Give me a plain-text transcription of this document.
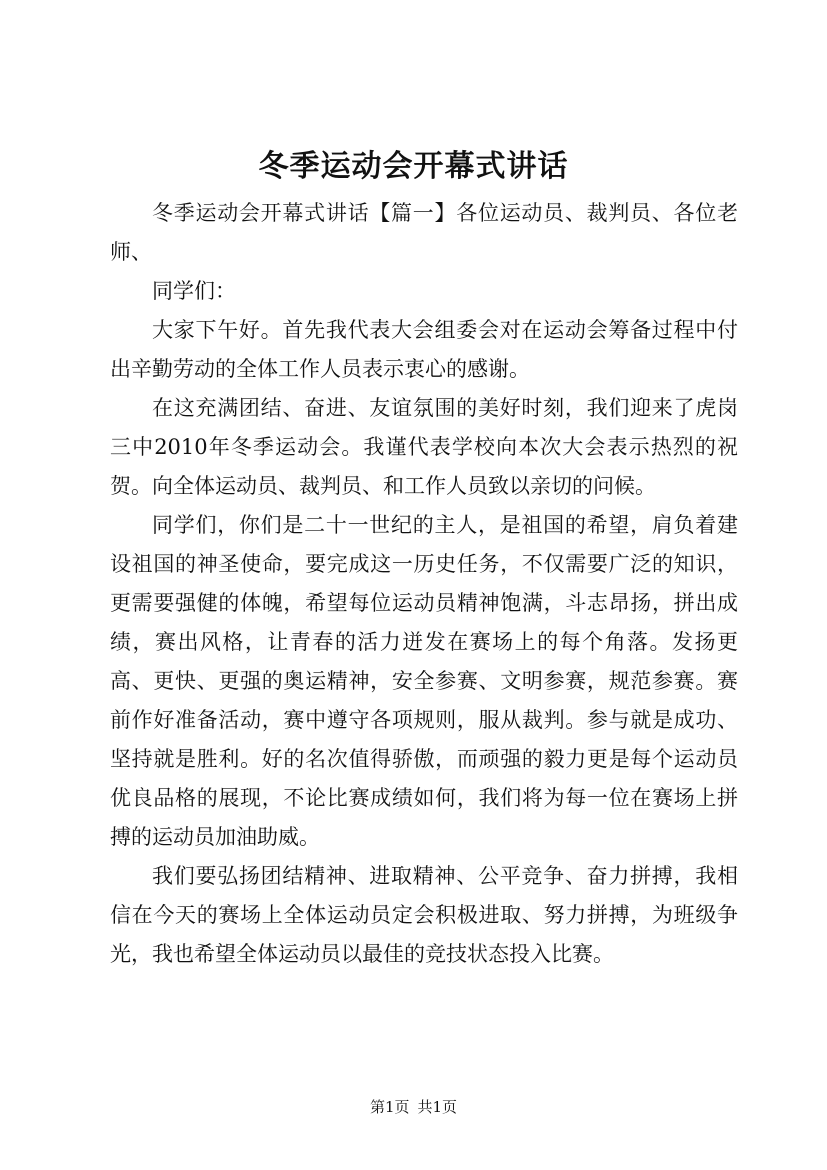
冬季运动会开幕式讲话

冬季运动会开幕式讲话【篇一】各位运动员、裁判员、各位老师、

同学们：

大家下午好。首先我代表大会组委会对在运动会筹备过程中付出辛勤劳动的全体工作人员表示衷心的感谢。

在这充满团结、奋进、友谊氛围的美好时刻，我们迎来了虎岗三中2010年冬季运动会。我谨代表学校向本次大会表示热烈的祝贺。向全体运动员、裁判员、和工作人员致以亲切的问候。

同学们，你们是二十一世纪的主人，是祖国的希望，肩负着建设祖国的神圣使命，要完成这一历史任务，不仅需要广泛的知识，更需要强健的体魄，希望每位运动员精神饱满，斗志昂扬，拼出成绩，赛出风格，让青春的活力迸发在赛场上的每个角落。发扬更高、更快、更强的奥运精神，安全参赛、文明参赛，规范参赛。赛前作好准备活动，赛中遵守各项规则，服从裁判。参与就是成功、坚持就是胜利。好的名次值得骄傲，而顽强的毅力更是每个运动员优良品格的展现，不论比赛成绩如何，我们将为每一位在赛场上拼搏的运动员加油助威。

我们要弘扬团结精神、进取精神、公平竞争、奋力拼搏，我相信在今天的赛场上全体运动员定会积极进取、努力拼搏，为班级争光，我也希望全体运动员以最佳的竞技状态投入比赛。

第1页 共1页
